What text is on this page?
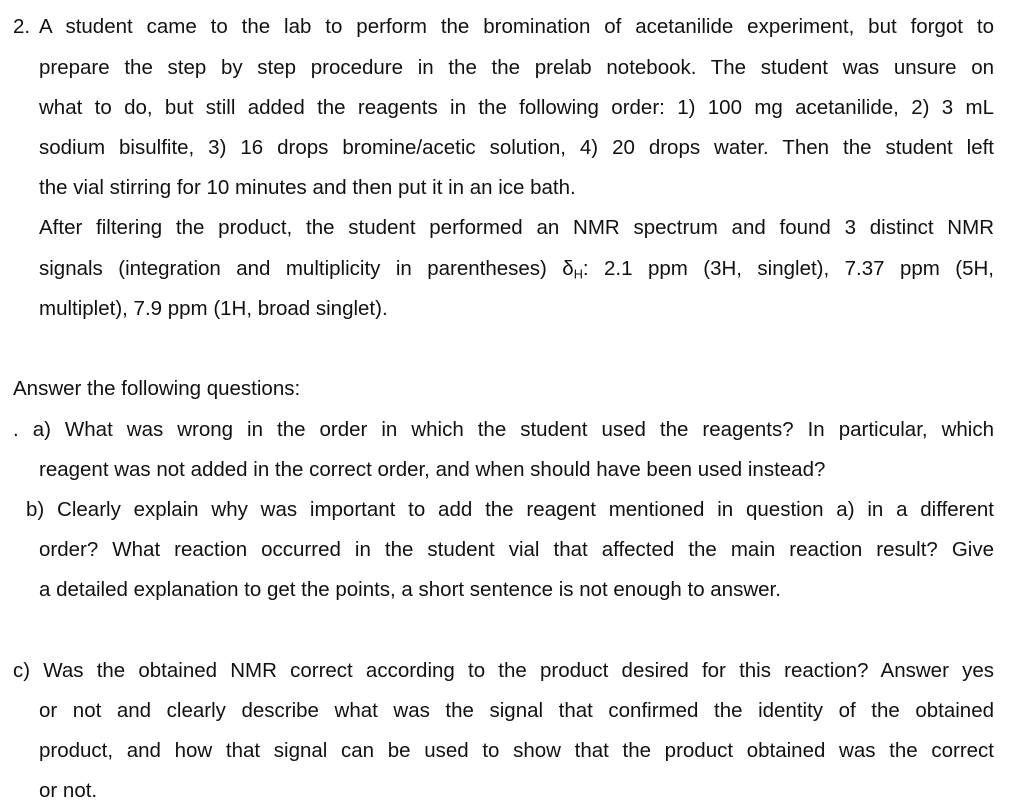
2. A student came to the lab to perform the bromination of acetanilide experiment, but forgot to
prepare the step by step procedure in the the prelab notebook. The student was unsure on
what to do, but still added the reagents in the following order: 1) 100 mg acetanilide, 2) 3 mL
sodium bisulfite, 3) 16 drops bromine/acetic solution, 4) 20 drops water. Then the student left
the vial stirring for 10 minutes and then put it in an ice bath.
After filtering the product, the student performed an NMR spectrum and found 3 distinct NMR
signals (integration and multiplicity in parentheses) $\delta_H$: 2.1 ppm (3H, singlet), 7.37 ppm (5H,
multiplet), 7.9 ppm (1H, broad singlet).
Answer the following questions:
. a) What was wrong in the order in which the student used the reagents? In particular, which
reagent was not added in the correct order, and when should have been used instead?
b) Clearly explain why was important to add the reagent mentioned in question a) in a different
order? What reaction occurred in the student vial that affected the main reaction result? Give
a detailed explanation to get the points, a short sentence is not enough to answer.
c) Was the obtained NMR correct according to the product desired for this reaction? Answer yes
or not and clearly describe what was the signal that confirmed the identity of the obtained
product, and how that signal can be used to show that the product obtained was the correct
or not.
